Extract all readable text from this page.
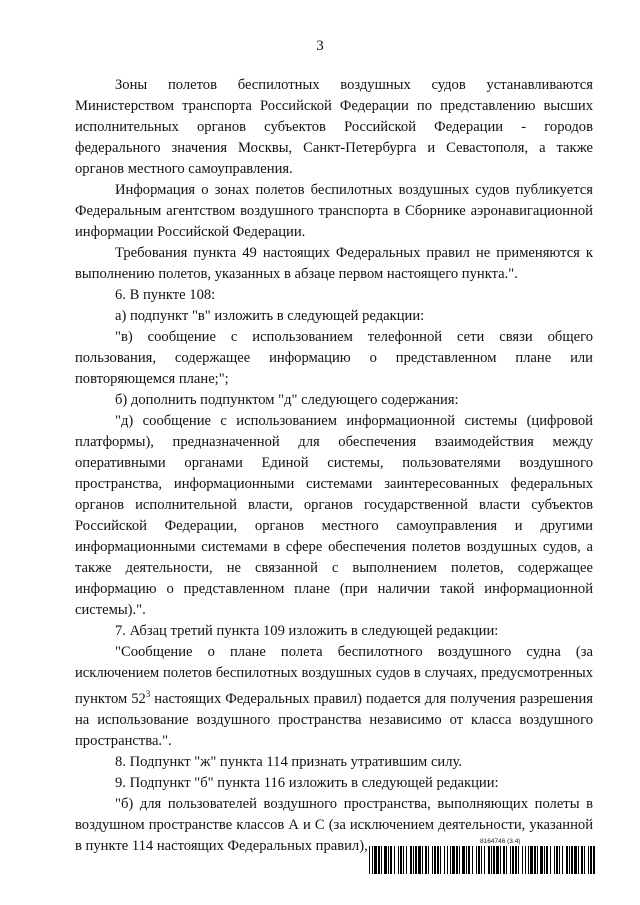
3

Зоны полетов беспилотных воздушных судов устанавливаются Министерством транспорта Российской Федерации по представлению высших исполнительных органов субъектов Российской Федерации - городов федерального значения Москвы, Санкт-Петербурга и Севастополя, а также органов местного самоуправления.

Информация о зонах полетов беспилотных воздушных судов публикуется Федеральным агентством воздушного транспорта в Сборнике аэронавигационной информации Российской Федерации.

Требования пункта 49 настоящих Федеральных правил не применяются к выполнению полетов, указанных в абзаце первом настоящего пункта.".

6. В пункте 108:

а) подпункт "в" изложить в следующей редакции:

"в) сообщение с использованием телефонной сети связи общего пользования, содержащее информацию о представленном плане или повторяющемся плане;";

б) дополнить подпунктом "д" следующего содержания:

"д) сообщение с использованием информационной системы (цифровой платформы), предназначенной для обеспечения взаимодействия между оперативными органами Единой системы, пользователями воздушного пространства, информационными системами заинтересованных федеральных органов исполнительной власти, органов государственной власти субъектов Российской Федерации, органов местного самоуправления и другими информационными системами в сфере обеспечения полетов воздушных судов, а также деятельности, не связанной с выполнением полетов, содержащее информацию о представленном плане (при наличии такой информационной системы).".

7. Абзац третий пункта 109 изложить в следующей редакции:

"Сообщение о плане полета беспилотного воздушного судна (за исключением полетов беспилотных воздушных судов в случаях, предусмотренных пунктом $52^3$ настоящих Федеральных правил) подается для получения разрешения на использование воздушного пространства независимо от класса воздушного пространства.".

8. Подпункт "ж" пункта 114 признать утратившим силу.

9. Подпункт "б" пункта 116 изложить в следующей редакции:

"б) для пользователей воздушного пространства, выполняющих полеты в воздушном пространстве классов А и С (за исключением деятельности, указанной в пункте 114 настоящих Федеральных правил),	8164746 (3.4)
